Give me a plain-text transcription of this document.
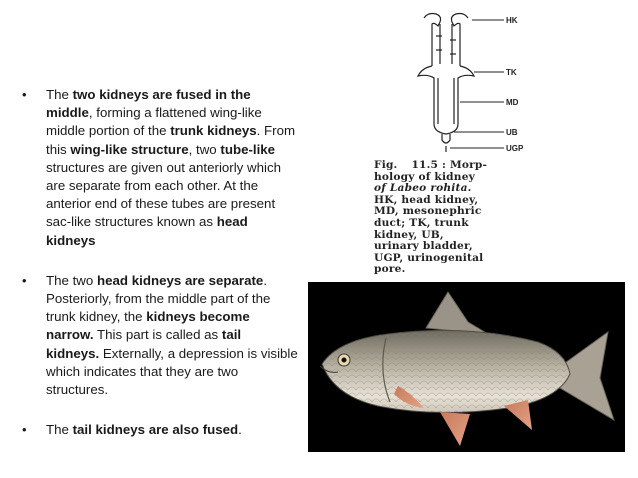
• The two kidneys are fused in the middle, forming a flattened wing-like middle portion of the trunk kidneys. From this wing-like structure, two tube-like structures are given out anteriorly which are separate from each other. At the anterior end of these tubes are present sac-like structures known as head kidneys
• The two head kidneys are separate. Posteriorly, from the middle part of the trunk kidney, the kidneys become narrow. This part is called as tail kidneys. Externally, a depression is visible which indicates that they are two structures.
• The tail kidneys are also fused.
HK
TK
MD
UB
UGP
Fig. 11.5 : Morp-
hology of kidney
of Labeo rohita.
HK, head kidney,
MD, mesonephric
duct; TK, trunk
kidney, UB,
urinary bladder,
UGP, urinogenital
pore.
